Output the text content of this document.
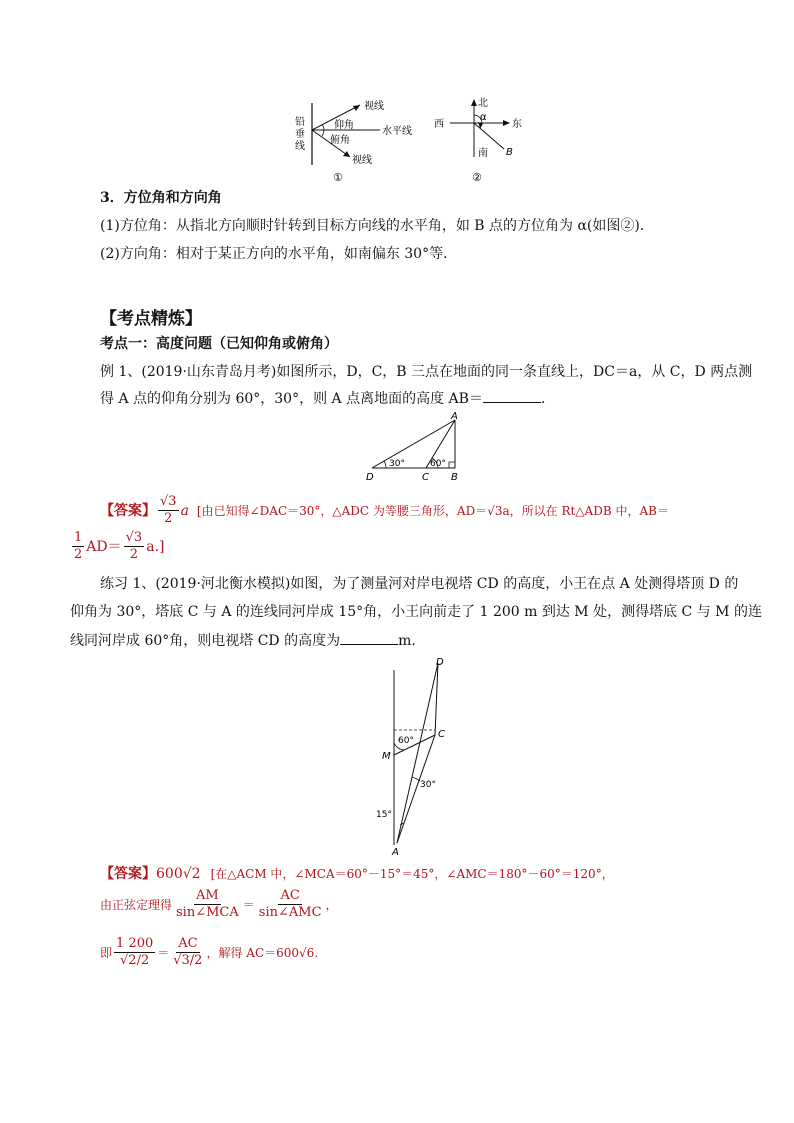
铅
垂
线
视线
仰角
水平线
俯角
视线
①
北
西	东
α
南 B
②
3．方位角和方向角
(1)方位角：从指北方向顺时针转到目标方向线的水平角，如 B 点的方位角为 α(如图②)．
(2)方向角：相对于某正方向的水平角，如南偏东 30°等．
【考点精炼】
考点一：高度问题（已知仰角或俯角）
例 1、(2019·山东青岛月考)如图所示，D，C，B 三点在地面的同一条直线上，DC＝a，从 C，D 两点测
得 A 点的仰角分别为 60°，30°，则 A 点离地面的高度 AB＝	．
A
D	C B
30°	60°
【答案】 $\frac{√3}{2}$ a [由已知得∠DAC＝30°，△ADC 为等腰三角形，AD＝√3a，所以在 Rt△ADB 中，AB＝
$\frac{1}{2} AD= \frac{√3}{2} a$.]
练习 1、(2019·河北衡水模拟)如图，为了测量河对岸电视塔 CD 的高度，小王在点 A 处测得塔顶 D 的
仰角为 30°，塔底 C 与 A 的连线同河岸成 15°角，小王向前走了 1 200 m 到达 M 处，测得塔底 C 与 M 的连
线同河岸成 60°角，则电视塔 CD 的高度为	m.
D
C
M
A
60°
30°
15°
【答案】600√2 [在△ACM 中，∠MCA＝60°－15°＝45°，∠AMC＝180°－60°＝120°，
由正弦定理得 $\frac{AM}{\text{sin∠MCA}} = \frac{AC}{\text{sin∠AMC}}$ ，
即 $\frac{1 200}{√2/2} = \frac{AC}{√3/2}$ ，解得 AC＝600√6.
